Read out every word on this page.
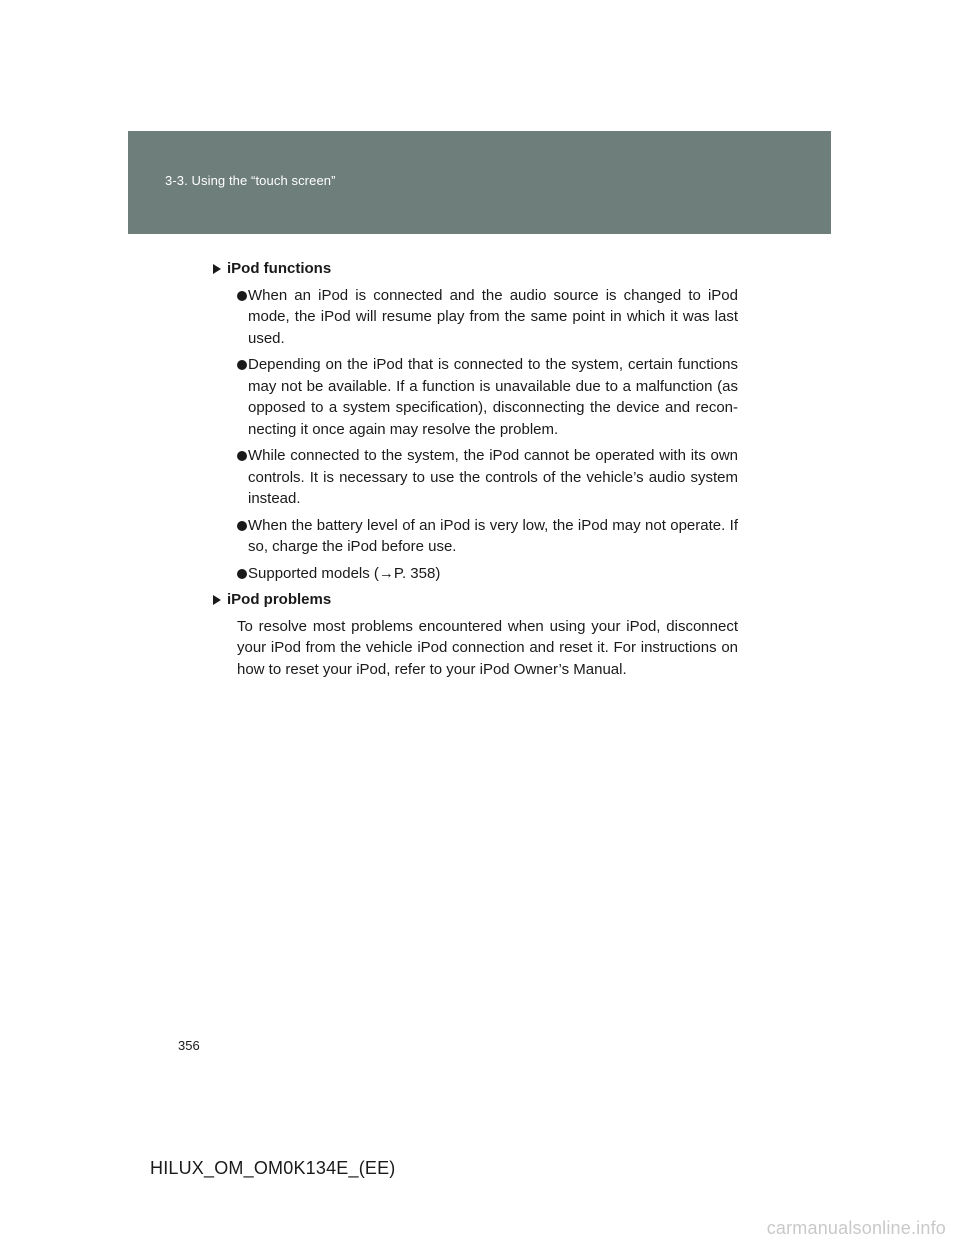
3-3. Using the “touch screen”
iPod functions
When an iPod is connected and the audio source is changed to iPod mode, the iPod will resume play from the same point in which it was last used.
Depending on the iPod that is connected to the system, certain functions may not be available. If a function is unavailable due to a malfunction (as opposed to a system specification), disconnecting the device and recon-necting it once again may resolve the problem.
While connected to the system, the iPod cannot be operated with its own controls. It is necessary to use the controls of the vehicle’s audio system instead.
When the battery level of an iPod is very low, the iPod may not operate. If so, charge the iPod before use.
Supported models (→P. 358)
iPod problems

To resolve most problems encountered when using your iPod, disconnect your iPod from the vehicle iPod connection and reset it. For instructions on how to reset your iPod, refer to your iPod Owner’s Manual.

356
HILUX_OM_OM0K134E_(EE)
carmanualsonline.info
